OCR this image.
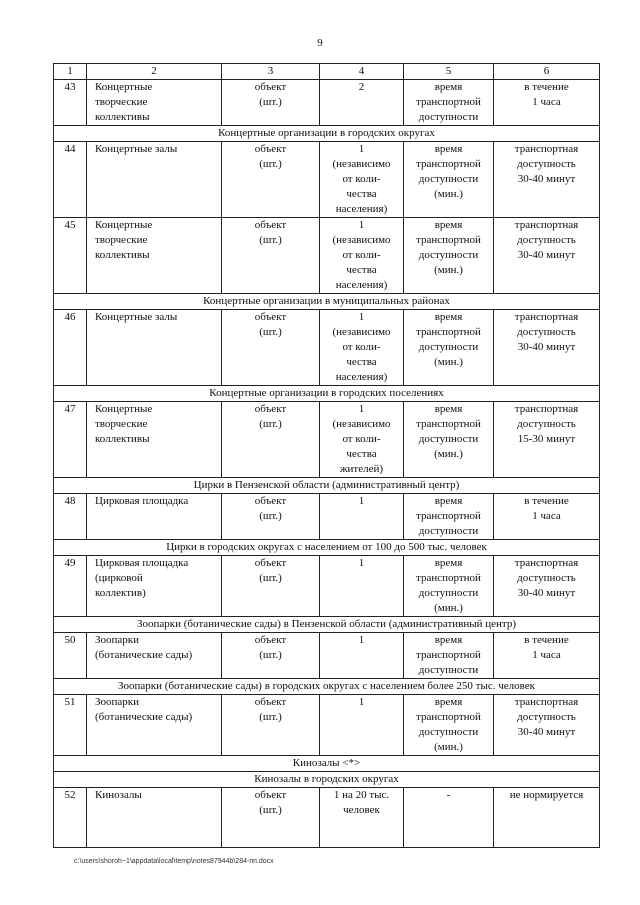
9
1	2	3	4	5	6
43	Концертные
творческие
коллективы	объект
(шт.)	2	время
транспортной
доступности	в течение
1 часа
Концертные организации в городских округах					
44	Концертные залы	объект
(шт.)	1
(независимо
от коли-
чества
населения)	время
транспортной
доступности
(мин.)	транспортная
доступность
30-40 минут
45	Концертные
творческие
коллективы	объект
(шт.)	1
(независимо
от коли-
чества
населения)	время
транспортной
доступности
(мин.)	транспортная
доступность
30-40 минут
Концертные организации в муниципальных районах					
46	Концертные залы	объект
(шт.)	1
(независимо
от коли-
чества
населения)	время
транспортной
доступности
(мин.)	транспортная
доступность
30-40 минут
Концертные организации в городских поселениях					
47	Концертные
творческие
коллективы	объект
(шт.)	1
(независимо
от коли-
чества
жителей)	время
транспортной
доступности
(мин.)	транспортная
доступность
15-30 минут
Цирки в Пензенской области (административный центр)					
48	Цирковая площадка	объект
(шт.)	1	время
транспортной
доступности	в течение
1 часа
Цирки в городских округах с населением от 100 до 500 тыс. человек					
49	Цирковая площадка
(цирковой
коллектив)	объект
(шт.)	1	время
транспортной
доступности
(мин.)	транспортная
доступность
30-40 минут
Зоопарки (ботанические сады) в Пензенской области (административный центр)					
50	Зоопарки
(ботанические сады)	объект
(шт.)	1	время
транспортной
доступности	в течение
1 часа
Зоопарки (ботанические сады) в городских округах с населением более 250 тыс. человек					
51	Зоопарки
(ботанические сады)	объект
(шт.)	1	время
транспортной
доступности
(мин.)	транспортная
доступность
30-40 минут
Кинозалы <*>					
Кинозалы в городских округах					
52	Кинозалы	объект
(шт.)	1 на 20 тыс.
человек	-	не нормируется
c:\users\shoroh~1\appdata\local\temp\notes87944b\284-пп.docx
